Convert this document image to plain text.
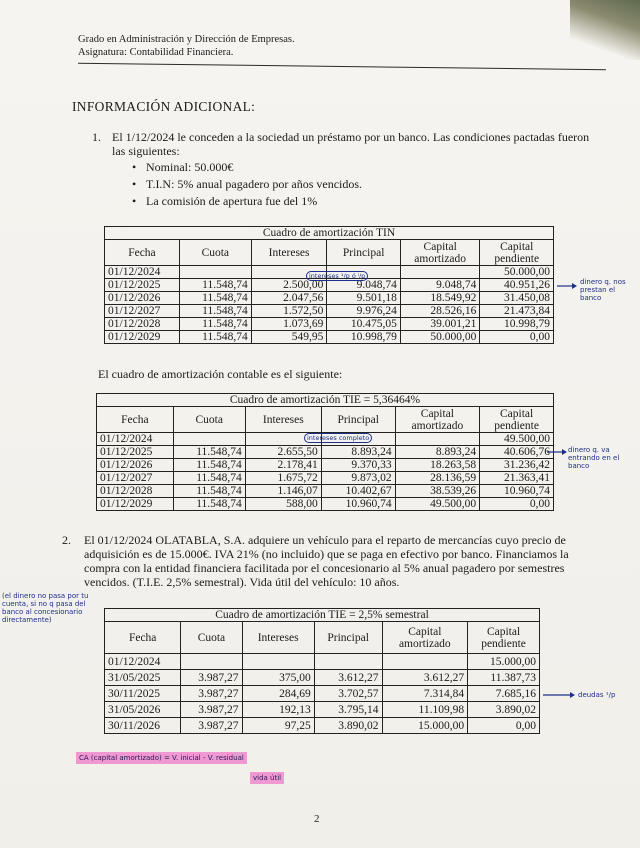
Grado en Administración y Dirección de Empresas.
Asignatura: Contabilidad Financiera.
INFORMACIÓN ADICIONAL:
1. El 1/12/2024 le conceden a la sociedad un préstamo por un banco. Las condiciones pactadas fueron
las siguientes:
• Nominal: 50.000€
• T.I.N: 5% anual pagadero por años vencidos.
• La comisión de apertura fue del 1%
Cuadro de amortización TIN					
Fecha	Cuota	Intereses	Principal	Capital amortizado	Capital pendiente
01/12/2024					50.000,00
01/12/2025	11.548,74	2.500,00	9.048,74	9.048,74	40.951,26
01/12/2026	11.548,74	2.047,56	9.501,18	18.549,92	31.450,08
01/12/2027	11.548,74	1.572,50	9.976,24	28.526,16	21.473,84
01/12/2028	11.548,74	1.073,69	10.475,05	39.001,21	10.998,79
01/12/2029	11.548,74	549,95	10.998,79	50.000,00	0,00
intereses ¹/p ó ˡ/p
dinero q. nos prestan el banco
El cuadro de amortización contable es el siguiente:
Cuadro de amortización TIE = 5,36464%					
Fecha	Cuota	Intereses	Principal	Capital amortizado	Capital pendiente
01/12/2024					49.500,00
01/12/2025	11.548,74	2.655,50	8.893,24	8.893,24	40.606,76
01/12/2026	11.548,74	2.178,41	9.370,33	18.263,58	31.236,42
01/12/2027	11.548,74	1.675,72	9.873,02	28.136,59	21.363,41
01/12/2028	11.548,74	1.146,07	10.402,67	38.539,26	10.960,74
01/12/2029	11.548,74	588,00	10.960,74	49.500,00	0,00
intereses completo
dinero q. va entrando en el banco
2. El 01/12/2024 OLATABLA, S.A. adquiere un vehículo para el reparto de mercancías cuyo precio de
adquisición es de 15.000€. IVA 21% (no incluido) que se paga en efectivo por banco. Financiamos la
compra con la entidad financiera facilitada por el concesionario al 5% anual pagadero por semestres
vencidos. (T.I.E. 2,5% semestral). Vida útil del vehículo: 10 años.
(el dinero no pasa por tu cuenta, si no q pasa del banco al concesionario directamente)	Cuadro de amortización TIE = 2,5% semestral					
Fecha	Cuota	Intereses	Principal	Capital amortizado	Capital pendiente
01/12/2024					15.000,00
31/05/2025	3.987,27	375,00	3.612,27	3.612,27	11.387,73
30/11/2025	3.987,27	284,69	3.702,57	7.314,84	7.685,16
31/05/2026	3.987,27	192,13	3.795,14	11.109,98	3.890,02
30/11/2026	3.987,27	97,25	3.890,02	15.000,00	0,00
deudas ¹/p
CA (capital amortizado) = V. inicial - V. residual
vida útil
2
